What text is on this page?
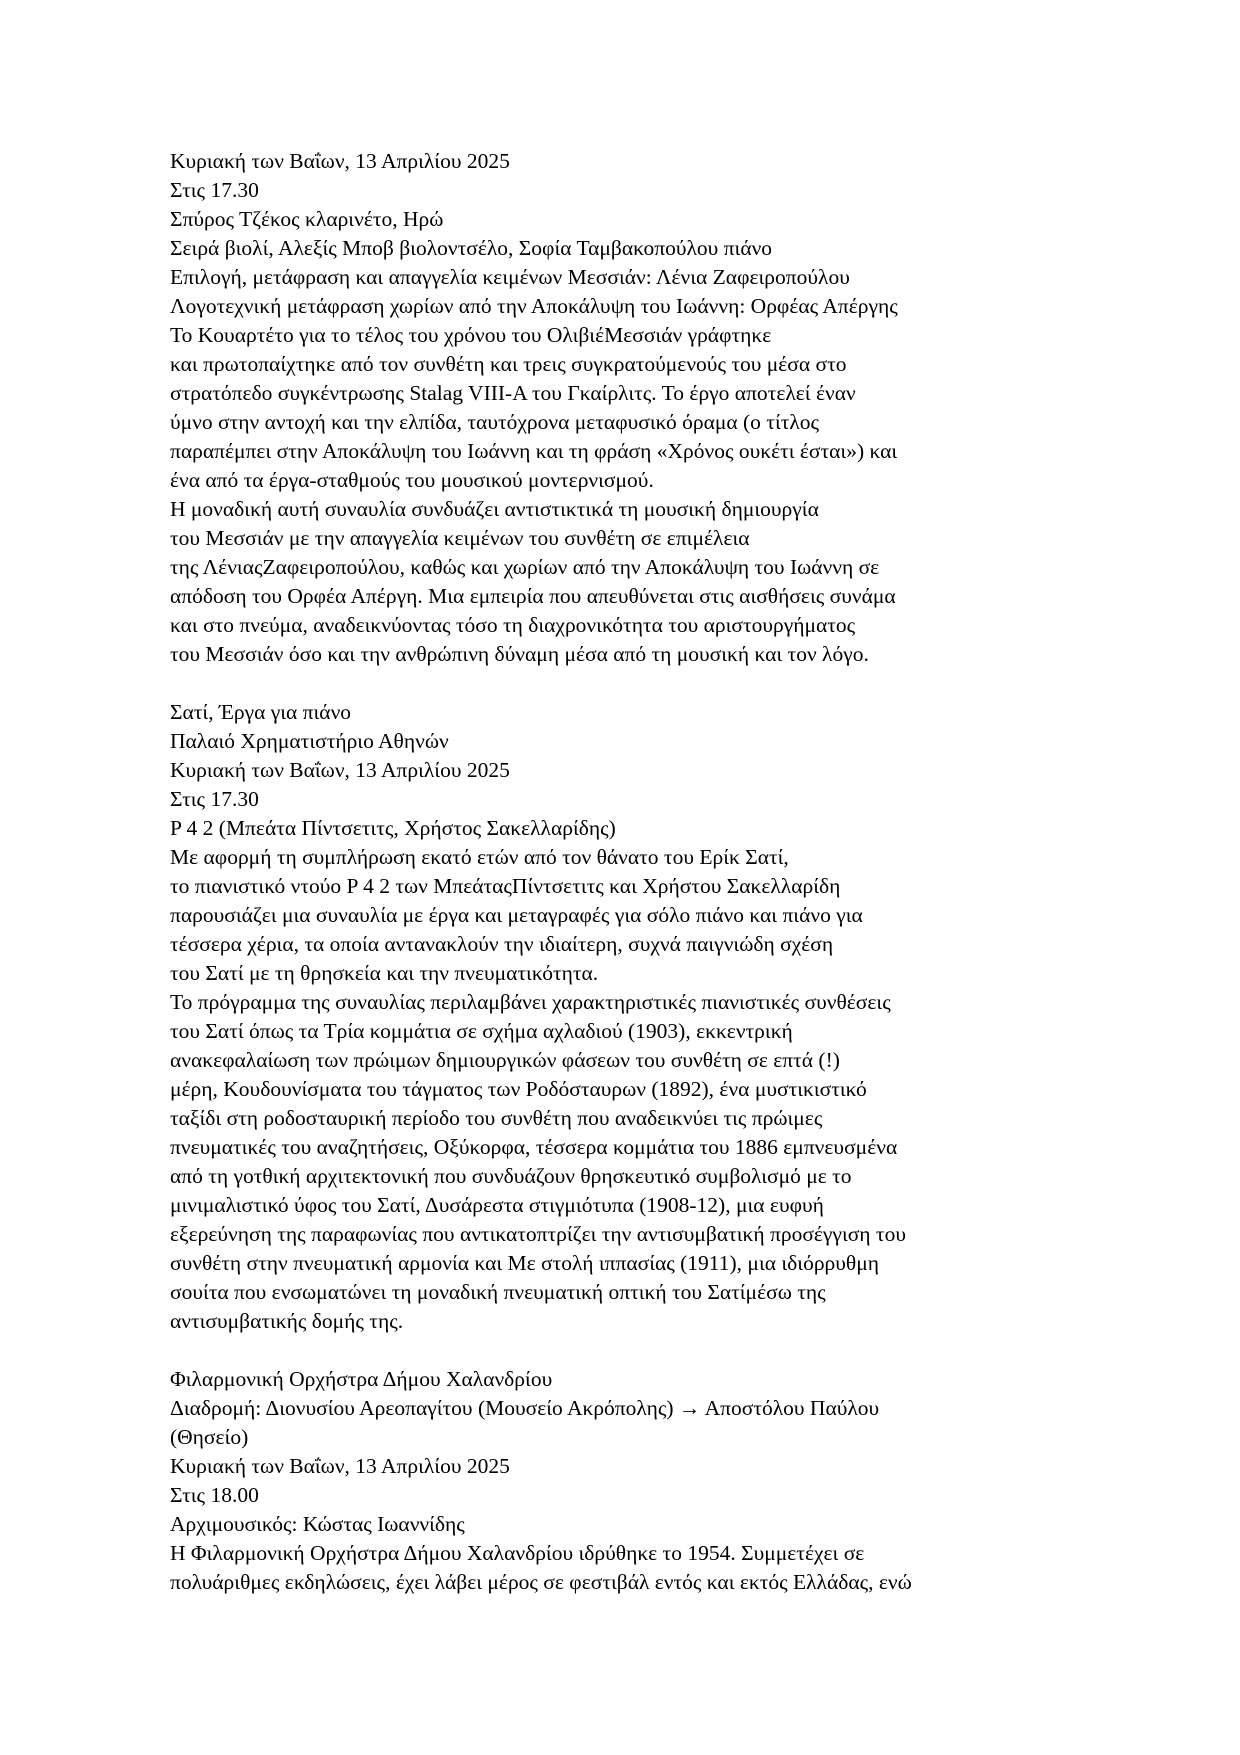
Κυριακή των Βαΐων, 13 Απριλίου 2025
Στις 17.30
Σπύρος Τζέκος κλαρινέτο, Ηρώ
Σειρά βιολί, Αλεξίς Μποβ βιολοντσέλο, Σοφία Ταμβακοπούλου πιάνο
Επιλογή, μετάφραση και απαγγελία κειμένων Μεσσιάν: Λένια Ζαφειροπούλου
Λογοτεχνική μετάφραση χωρίων από την Αποκάλυψη του Ιωάννη: Ορφέας Απέργης
Το Κουαρτέτο για το τέλος του χρόνου του ΟλιβιέΜεσσιάν γράφτηκε
και πρωτοπαίχτηκε από τον συνθέτη και τρεις συγκρατούμενούς του μέσα στο
στρατόπεδο συγκέντρωσης Stalag VIII-A του Γκαίρλιτς. Το έργο αποτελεί έναν
ύμνο στην αντοχή και την ελπίδα, ταυτόχρονα μεταφυσικό όραμα (ο τίτλος
παραπέμπει στην Αποκάλυψη του Ιωάννη και τη φράση «Χρόνος ουκέτι έσται») και
ένα από τα έργα-σταθμούς του μουσικού μοντερνισμού.
Η μοναδική αυτή συναυλία συνδυάζει αντιστικτικά τη μουσική δημιουργία
του Μεσσιάν με την απαγγελία κειμένων του συνθέτη σε επιμέλεια
της ΛένιαςΖαφειροπούλου, καθώς και χωρίων από την Αποκάλυψη του Ιωάννη σε
απόδοση του Ορφέα Απέργη. Μια εμπειρία που απευθύνεται στις αισθήσεις συνάμα
και στο πνεύμα, αναδεικνύοντας τόσο τη διαχρονικότητα του αριστουργήματος
του Μεσσιάν όσο και την ανθρώπινη δύναμη μέσα από τη μουσική και τον λόγο.
Σατί, Έργα για πιάνο
Παλαιό Χρηματιστήριο Αθηνών
Κυριακή των Βαΐων, 13 Απριλίου 2025
Στις 17.30
P 4 2 (Μπεάτα Πίντσετιτς, Χρήστος Σακελλαρίδης)
Με αφορμή τη συμπλήρωση εκατό ετών από τον θάνατο του Ερίκ Σατί,
το πιανιστικό ντούο P 4 2 των ΜπεάταςΠίντσετιτς και Χρήστου Σακελλαρίδη
παρουσιάζει μια συναυλία με έργα και μεταγραφές για σόλο πιάνο και πιάνο για
τέσσερα χέρια, τα οποία αντανακλούν την ιδιαίτερη, συχνά παιγνιώδη σχέση
του Σατί με τη θρησκεία και την πνευματικότητα.
Το πρόγραμμα της συναυλίας περιλαμβάνει χαρακτηριστικές πιανιστικές συνθέσεις
του Σατί όπως τα Τρία κομμάτια σε σχήμα αχλαδιού (1903), εκκεντρική
ανακεφαλαίωση των πρώιμων δημιουργικών φάσεων του συνθέτη σε επτά (!)
μέρη, Κουδουνίσματα του τάγματος των Ροδόσταυρων (1892), ένα μυστικιστικό
ταξίδι στη ροδοσταυρική περίοδο του συνθέτη που αναδεικνύει τις πρώιμες
πνευματικές του αναζητήσεις, Οξύκορφα, τέσσερα κομμάτια του 1886 εμπνευσμένα
από τη γοτθική αρχιτεκτονική που συνδυάζουν θρησκευτικό συμβολισμό με το
μινιμαλιστικό ύφος του Σατί, Δυσάρεστα στιγμιότυπα (1908-12), μια ευφυή
εξερεύνηση της παραφωνίας που αντικατοπτρίζει την αντισυμβατική προσέγγιση του
συνθέτη στην πνευματική αρμονία και Με στολή ιππασίας (1911), μια ιδιόρρυθμη
σουίτα που ενσωματώνει τη μοναδική πνευματική οπτική του Σατίμέσω της
αντισυμβατικής δομής της.
Φιλαρμονική Ορχήστρα Δήμου Χαλανδρίου
Διαδρομή: Διονυσίου Αρεοπαγίτου (Μουσείο Ακρόπολης) → Αποστόλου Παύλου
(Θησείο)
Κυριακή των Βαΐων, 13 Απριλίου 2025
Στις 18.00
Αρχιμουσικός: Κώστας Ιωαννίδης
Η Φιλαρμονική Ορχήστρα Δήμου Χαλανδρίου ιδρύθηκε το 1954. Συμμετέχει σε
πολυάριθμες εκδηλώσεις, έχει λάβει μέρος σε φεστιβάλ εντός και εκτός Ελλάδας, ενώ
